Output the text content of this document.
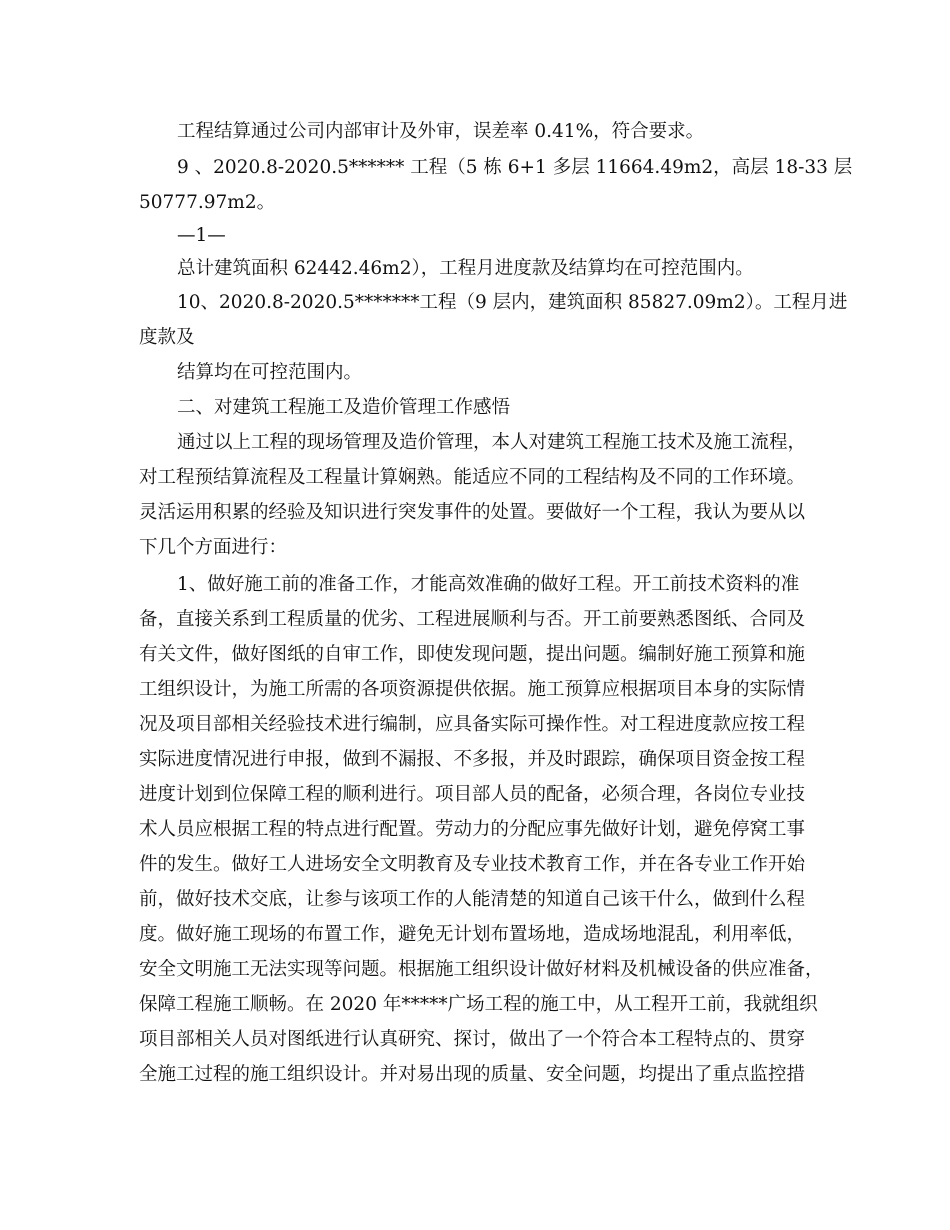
工程结算通过公司内部审计及外审，误差率 0.41%，符合要求。
9 、2020.8-2020.5****** 工程（5 栋 6+1 多层 11664.49m2，高层 18-33 层
50777.97m2。
—1—
总计建筑面积 62442.46m2），工程月进度款及结算均在可控范围内。
10、2020.8-2020.5*******工程（9 层内，建筑面积 85827.09m2）。工程月进
度款及
结算均在可控范围内。
二、对建筑工程施工及造价管理工作感悟
通过以上工程的现场管理及造价管理，本人对建筑工程施工技术及施工流程，
对工程预结算流程及工程量计算娴熟。能适应不同的工程结构及不同的工作环境。
灵活运用积累的经验及知识进行突发事件的处置。要做好一个工程，我认为要从以
下几个方面进行：
1、做好施工前的准备工作，才能高效准确的做好工程。开工前技术资料的准
备，直接关系到工程质量的优劣、工程进展顺利与否。开工前要熟悉图纸、合同及
有关文件，做好图纸的自审工作，即使发现问题，提出问题。编制好施工预算和施
工组织设计，为施工所需的各项资源提供依据。施工预算应根据项目本身的实际情
况及项目部相关经验技术进行编制，应具备实际可操作性。对工程进度款应按工程
实际进度情况进行申报，做到不漏报、不多报，并及时跟踪，确保项目资金按工程
进度计划到位保障工程的顺利进行。项目部人员的配备，必须合理，各岗位专业技
术人员应根据工程的特点进行配置。劳动力的分配应事先做好计划，避免停窝工事
件的发生。做好工人进场安全文明教育及专业技术教育工作，并在各专业工作开始
前，做好技术交底，让参与该项工作的人能清楚的知道自己该干什么，做到什么程
度。做好施工现场的布置工作，避免无计划布置场地，造成场地混乱，利用率低，
安全文明施工无法实现等问题。根据施工组织设计做好材料及机械设备的供应准备，
保障工程施工顺畅。在 2020 年*****广场工程的施工中，从工程开工前，我就组织
项目部相关人员对图纸进行认真研究、探讨，做出了一个符合本工程特点的、贯穿
全施工过程的施工组织设计。并对易出现的质量、安全问题，均提出了重点监控措
